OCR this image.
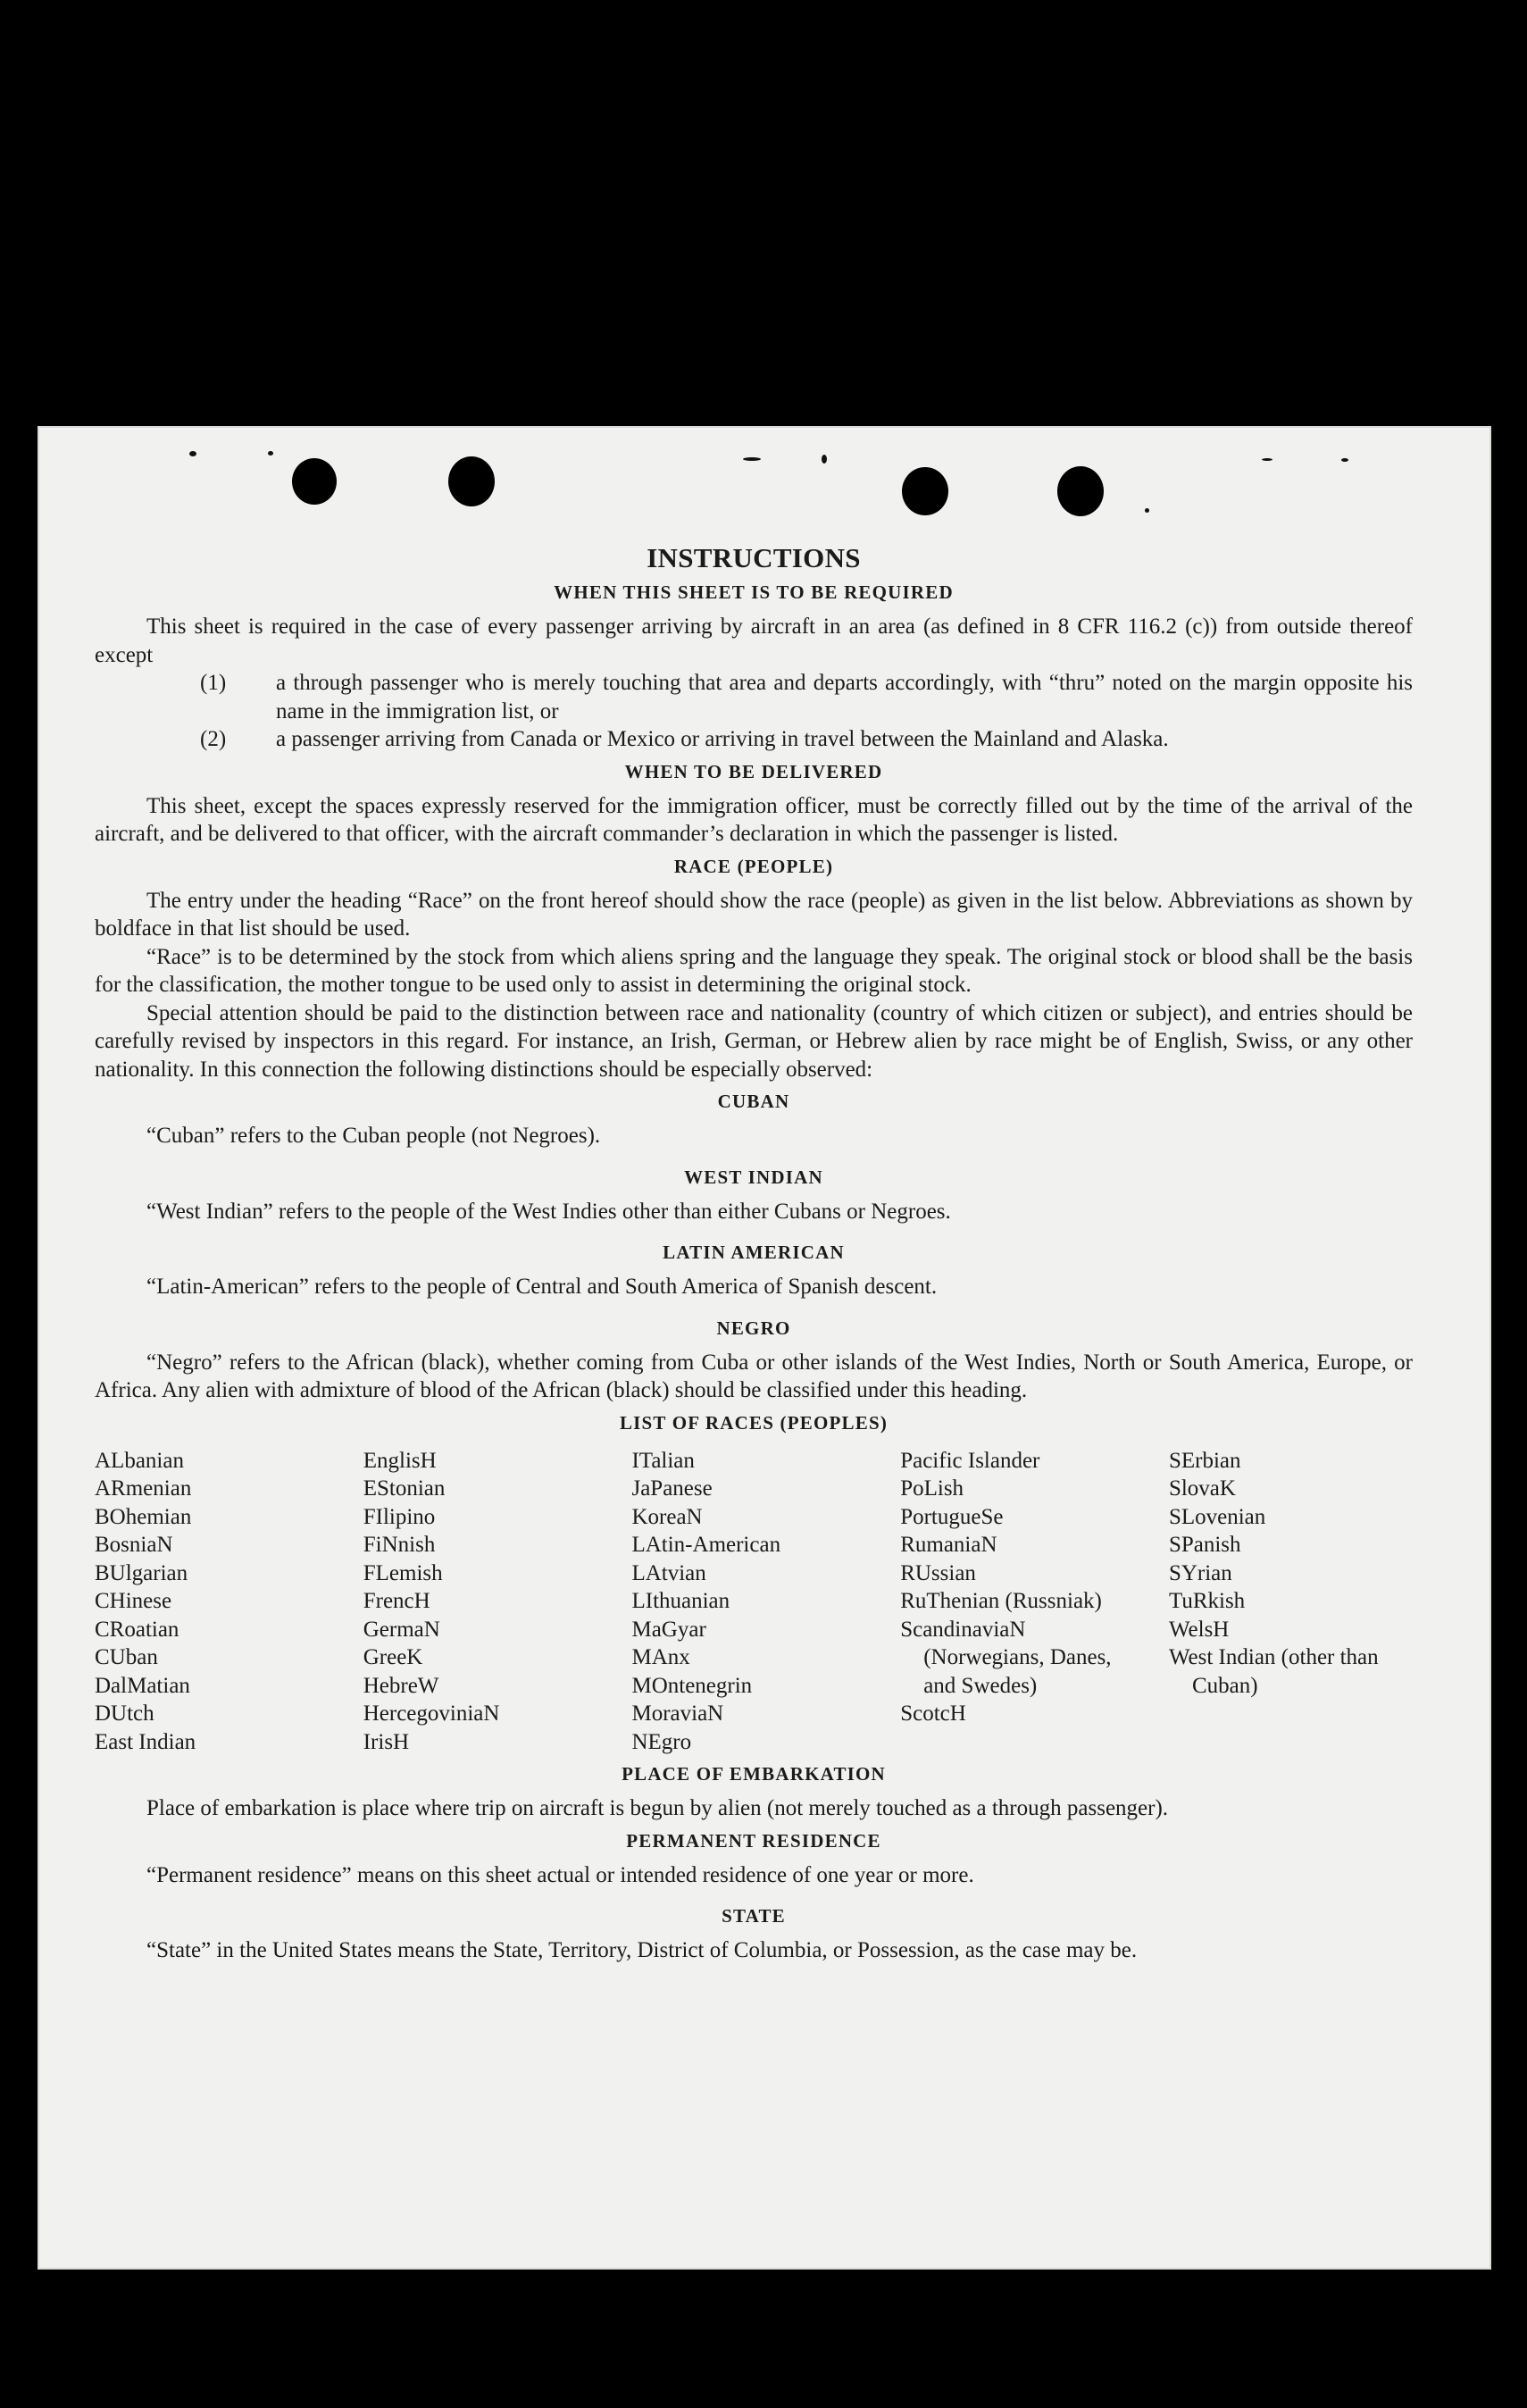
INSTRUCTIONS
WHEN THIS SHEET IS TO BE REQUIRED

This sheet is required in the case of every passenger arriving by aircraft in an area (as defined in 8 CFR 116.2 (c)) from outside thereof except

(1) a through passenger who is merely touching that area and departs accordingly, with “thru” noted on the margin opposite his name in the immigration list, or
(2) a passenger arriving from Canada or Mexico or arriving in travel between the Mainland and Alaska.
WHEN TO BE DELIVERED

This sheet, except the spaces expressly reserved for the immigration officer, must be correctly filled out by the time of the arrival of the aircraft, and be delivered to that officer, with the aircraft commander’s declaration in which the passenger is listed.

RACE (PEOPLE)

The entry under the heading “Race” on the front hereof should show the race (people) as given in the list below. Abbreviations as shown by boldface in that list should be used.

“Race” is to be determined by the stock from which aliens spring and the language they speak. The original stock or blood shall be the basis for the classification, the mother tongue to be used only to assist in determining the original stock.

Special attention should be paid to the distinction between race and nationality (country of which citizen or subject), and entries should be carefully revised by inspectors in this regard. For instance, an Irish, German, or Hebrew alien by race might be of English, Swiss, or any other nationality. In this connection the following distinctions should be especially observed:

CUBAN

“Cuban” refers to the Cuban people (not Negroes).

WEST INDIAN

“West Indian” refers to the people of the West Indies other than either Cubans or Negroes.

LATIN AMERICAN

“Latin-American” refers to the people of Central and South America of Spanish descent.

NEGRO

“Negro” refers to the African (black), whether coming from Cuba or other islands of the West Indies, North or South America, Europe, or Africa. Any alien with admixture of blood of the African (black) should be classified under this heading.

LIST OF RACES (PEOPLES)
ALbanian
ARmenian
BOhemian
BosniaN
BUlgarian
CHinese
CRoatian
CUban
DalMatian
DUtch
East Indian
EnglisH
EStonian
FIlipino
FiNnish
FLemish
FrencH
GermaN
GreeK
HebreW
HercegovinіaN
IrisH
ITalian
JaPanese
KoreaN
LAtin-American
LAtvian
LIthuanian
MaGyar
MAnx
MOntenegrin
MoraviaN
NEgro
Pacific Islander
PoLish
PortugueSe
RumaniaN
RUssian
RuThenian (Russniak)
ScandinaviaN (Norwegians, Danes, and Swedes)
ScotcH
SErbian
SlovaK
SLovenian
SPanish
SYrian
TuRkish
WelsH
West Indian (other than Cuban)
PLACE OF EMBARKATION

Place of embarkation is place where trip on aircraft is begun by alien (not merely touched as a through passenger).

PERMANENT RESIDENCE

“Permanent residence” means on this sheet actual or intended residence of one year or more.

STATE

“State” in the United States means the State, Territory, District of Columbia, or Possession, as the case may be.
